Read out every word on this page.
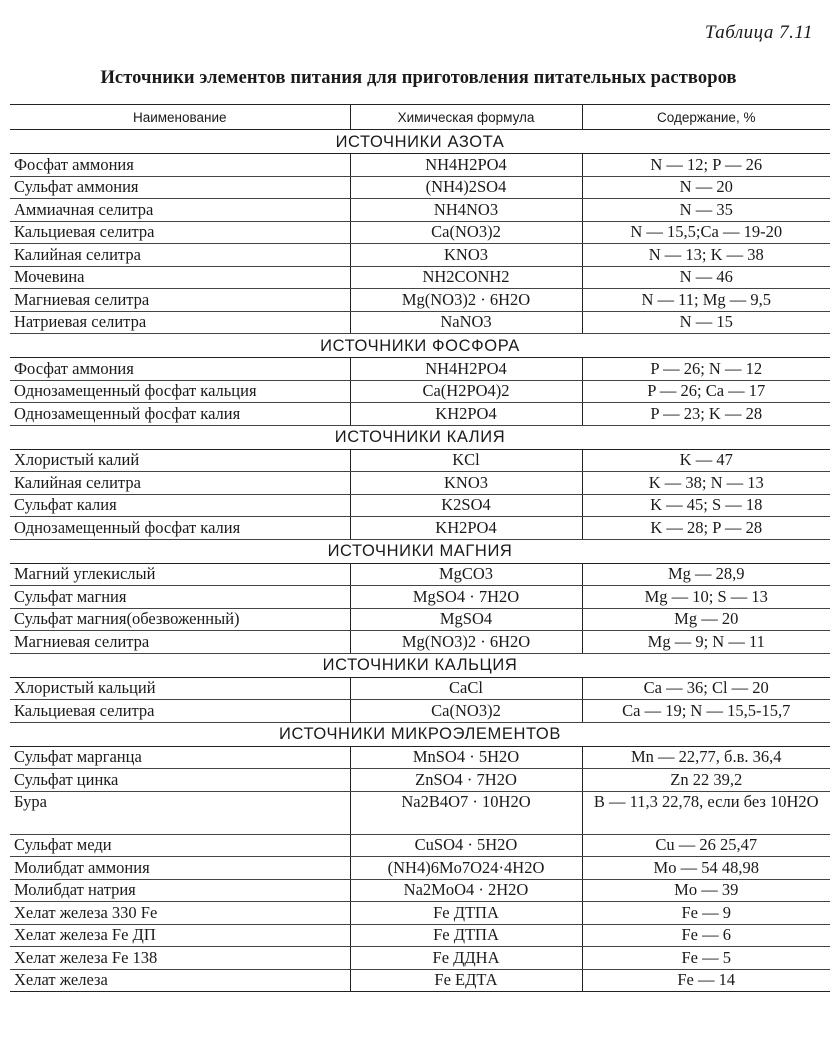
Таблица 7.11
Источники элементов питания для приготовления питательных растворов
Наименование	Химическая формула	Содержание, %
ИСТОЧНИКИ АЗОТА		
Фосфат аммония	NH4H2PO4	N — 12; P — 26
Сульфат аммония	(NH4)2SO4	N — 20
Аммиачная селитра	NH4NO3	N — 35
Кальциевая селитра	Ca(NO3)2	N — 15,5;Ca — 19-20
Калийная селитра	KNO3	N — 13; K — 38
Мочевина	NH2CONH2	N — 46
Магниевая селитра	Mg(NO3)2 · 6H2O	N — 11; Mg — 9,5
Натриевая селитра	NaNO3	N — 15
ИСТОЧНИКИ ФОСФОРА		
Фосфат аммония	NH4H2PO4	P — 26; N — 12
Однозамещенный фосфат кальция	Ca(H2PO4)2	P — 26; Ca — 17
Однозамещенный фосфат калия	KH2PO4	P — 23; K — 28
ИСТОЧНИКИ КАЛИЯ		
Хлористый калий	KCl	K — 47
Калийная селитра	KNO3	K — 38; N — 13
Сульфат калия	K2SO4	K — 45; S — 18
Однозамещенный фосфат калия	KH2PO4	K — 28; P — 28
ИСТОЧНИКИ МАГНИЯ		
Магний углекислый	MgCO3	Mg — 28,9
Сульфат магния	MgSO4 · 7H2O	Mg — 10; S — 13
Сульфат магния(обезвоженный)	MgSO4	Mg — 20
Магниевая селитра	Mg(NO3)2 · 6H2O	Mg — 9; N — 11
ИСТОЧНИКИ КАЛЬЦИЯ		
Хлористый кальций	CaCl	Ca — 36; Cl — 20
Кальциевая селитра	Ca(NO3)2	Ca — 19; N — 15,5-15,7
ИСТОЧНИКИ МИКРОЭЛЕМЕНТОВ		
Сульфат марганца	MnSO4 · 5H2O	Mn — 22,77, б.в. 36,4
Сульфат цинка	ZnSO4 · 7H2O	Zn 22 39,2
Бура	Na2B4O7 · 10H2O	B — 11,3 22,78, если без 10H2O
Сульфат меди	CuSO4 · 5H2O	Cu — 26 25,47
Молибдат аммония	(NH4)6Mo7O24·4H2O	Mo — 54 48,98
Молибдат натрия	Na2MoO4 · 2H2O	Mo — 39
Хелат железа 330 Fe	Fe ДТПА	Fe — 9
Хелат железа Fe ДП	Fe ДТПА	Fe — 6
Хелат железа Fe 138	Fe ДДНА	Fe — 5
Хелат железа	Fe ЕДТА	Fe — 14
